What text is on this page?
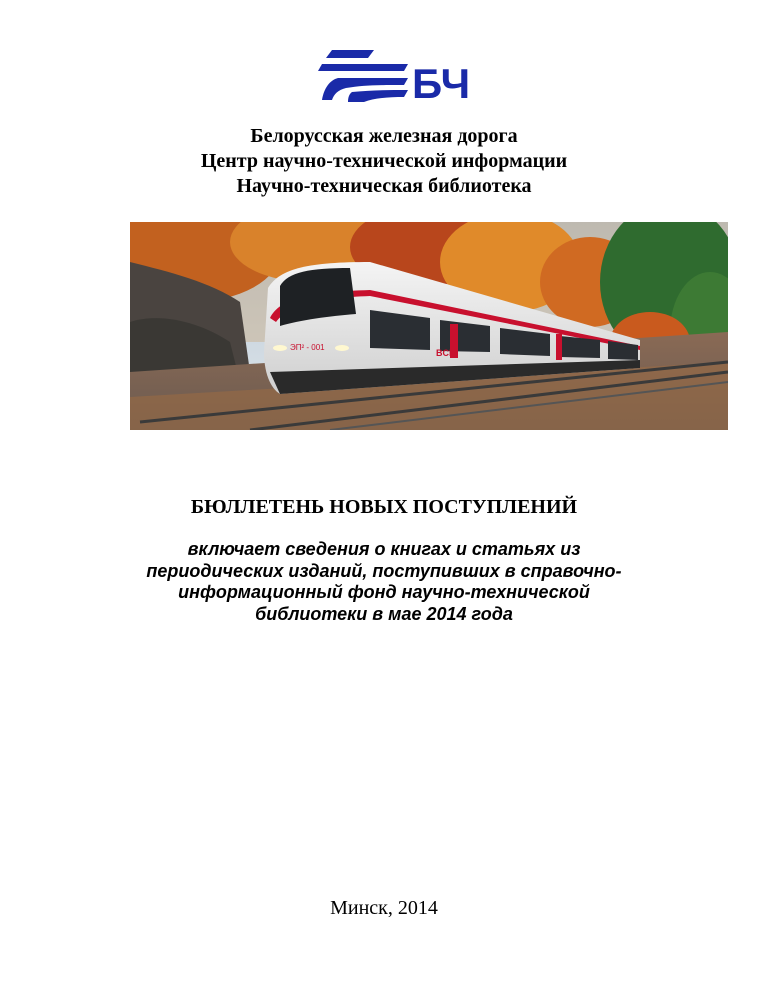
БЧ
Белорусская железная дорога
Центр научно-технической информации
Научно-техническая библиотека
ЭП² - 001
BCL
БЮЛЛЕТЕНЬ НОВЫХ ПОСТУПЛЕНИЙ
включает сведения о книгах и статьях из
периодических изданий, поступивших в справочно-
информационный фонд научно-технической
библиотеки в мае 2014 года
Минск, 2014
